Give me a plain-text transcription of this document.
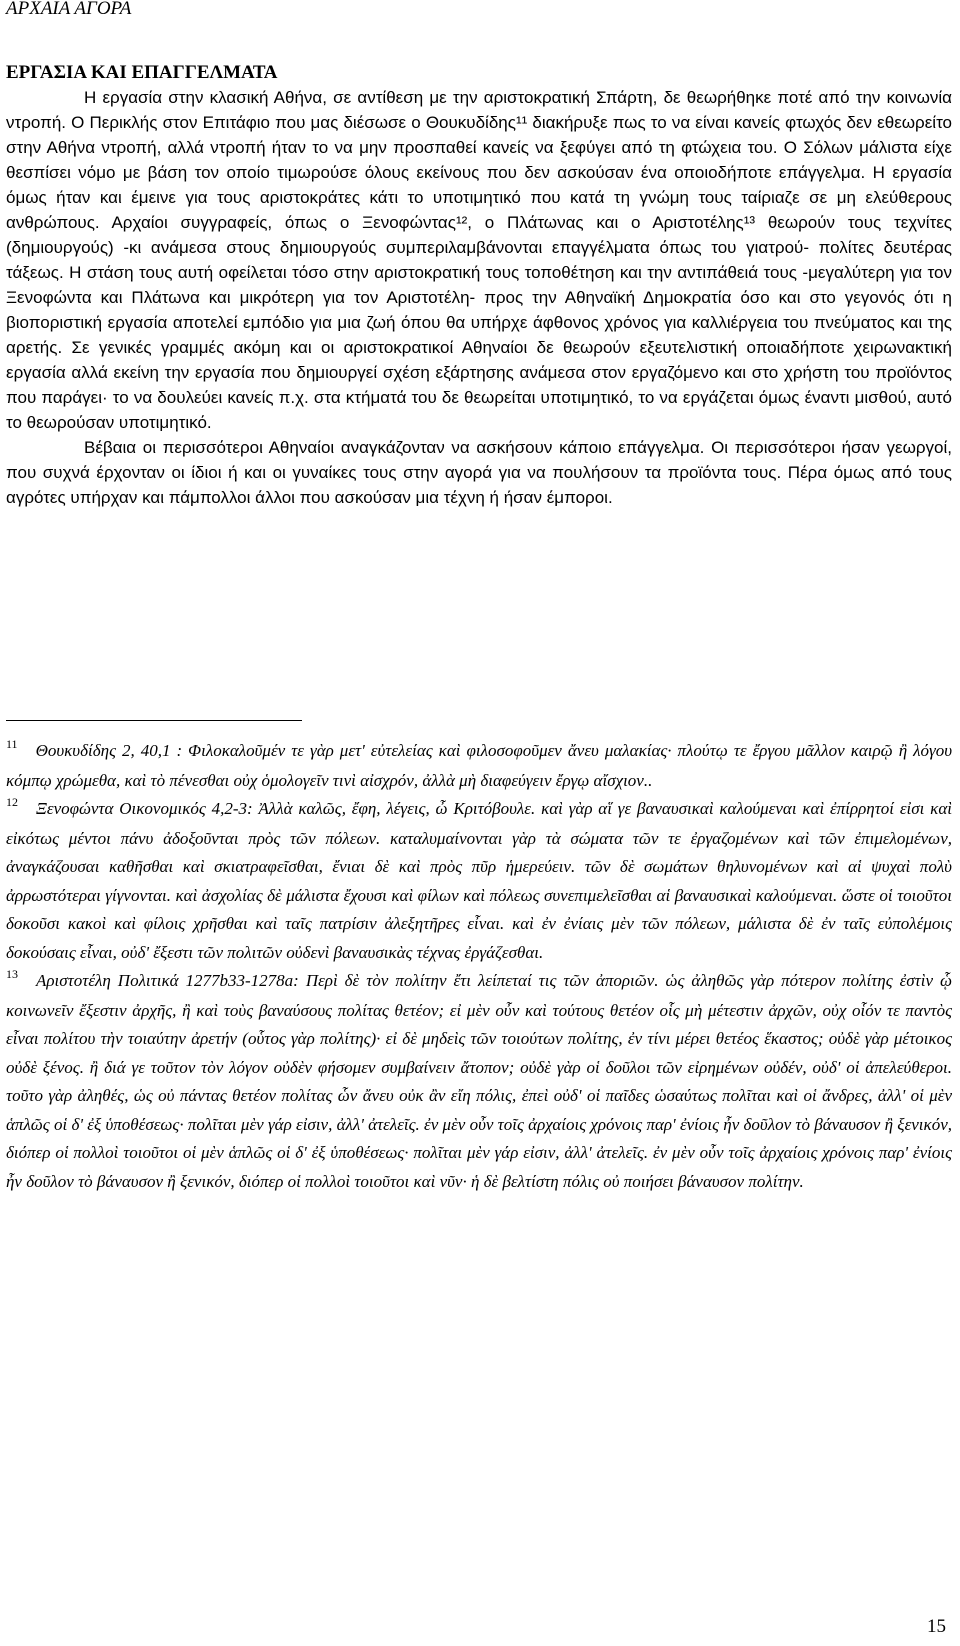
ΑΡΧΑΙΑ ΑΓΟΡΑ
ΕΡΓΑΣΙΑ ΚΑΙ ΕΠΑΓΓΕΛΜΑΤΑ

Η εργασία στην κλασική Αθήνα, σε αντίθεση με την αριστοκρατική Σπάρτη, δε θεωρήθηκε ποτέ από την κοινωνία ντροπή. Ο Περικλής στον Επιτάφιο που μας διέσωσε ο Θουκυδίδης¹¹ διακήρυξε πως το να είναι κανείς φτωχός δεν εθεωρείτο στην Αθήνα ντροπή, αλλά ντροπή ήταν το να μην προσπαθεί κανείς να ξεφύγει από τη φτώχεια του. Ο Σόλων μάλιστα είχε θεσπίσει νόμο με βάση τον οποίο τιμωρούσε όλους εκείνους που δεν ασκούσαν ένα οποιοδήποτε επάγγελμα. Η εργασία όμως ήταν και έμεινε για τους αριστοκράτες κάτι το υποτιμητικό που κατά τη γνώμη τους ταίριαζε σε μη ελεύθερους ανθρώπους. Αρχαίοι συγγραφείς, όπως ο Ξενοφώντας¹², ο Πλάτωνας και ο Αριστοτέλης¹³ θεωρούν τους τεχνίτες (δημιουργούς) -κι ανάμεσα στους δημιουργούς συμπεριλαμβάνονται επαγγέλματα όπως του γιατρού- πολίτες δευτέρας τάξεως. Η στάση τους αυτή οφείλεται τόσο στην αριστοκρατική τους τοποθέτηση και την αντιπάθειά τους -μεγαλύτερη για τον Ξενοφώντα και Πλάτωνα και μικρότερη για τον Αριστοτέλη- προς την Αθηναϊκή Δημοκρατία όσο και στο γεγονός ότι η βιοποριστική εργασία αποτελεί εμπόδιο για μια ζωή όπου θα υπήρχε άφθονος χρόνος για καλλιέργεια του πνεύματος και της αρετής. Σε γενικές γραμμές ακόμη και οι αριστοκρατικοί Αθηναίοι δε θεωρούν εξευτελιστική οποιαδήποτε χειρωνακτική εργασία αλλά εκείνη την εργασία που δημιουργεί σχέση εξάρτησης ανάμεσα στον εργαζόμενο και στο χρήστη του προϊόντος που παράγει· το να δουλεύει κανείς π.χ. στα κτήματά του δε θεωρείται υποτιμητικό, το να εργάζεται όμως έναντι μισθού, αυτό το θεωρούσαν υποτιμητικό.

Βέβαια οι περισσότεροι Αθηναίοι αναγκάζονταν να ασκήσουν κάποιο επάγγελμα. Οι περισσότεροι ήσαν γεωργοί, που συχνά έρχονταν οι ίδιοι ή και οι γυναίκες τους στην αγορά για να πουλήσουν τα προϊόντα τους. Πέρα όμως από τους αγρότες υπήρχαν και πάμπολλοι άλλοι που ασκούσαν μια τέχνη ή ήσαν έμποροι.

$^{11}$ Θουκυδίδης 2, 40,1 : Φιλοκαλοῦμέν τε γὰρ μετ' εὐτελείας καὶ φιλοσοφοῦμεν ἄνευ μαλακίας· πλούτῳ τε ἔργου μᾶλλον καιρῷ ἢ λόγου κόμπῳ χρώμεθα, καὶ τὸ πένεσθαι οὐχ ὁμολογεῖν τινὶ αἰσχρόν, ἀλλὰ μὴ διαφεύγειν ἔργῳ αἴσχιον..

$^{12}$ Ξενοφώντα Οικονομικός 4,2-3: Ἀλλὰ καλῶς, ἔφη, λέγεις, ὦ Κριτόβουλε. καὶ γὰρ αἵ γε βαναυσικαὶ καλούμεναι καὶ ἐπίρρητοί εἰσι καὶ εἰκότως μέντοι πάνυ ἀδοξοῦνται πρὸς τῶν πόλεων. καταλυμαίνονται γὰρ τὰ σώματα τῶν τε ἐργαζομένων καὶ τῶν ἐπιμελομένων, ἀναγκάζουσαι καθῆσθαι καὶ σκιατραφεῖσθαι, ἔνιαι δὲ καὶ πρὸς πῦρ ἡμερεύειν. τῶν δὲ σωμάτων θηλυνομένων καὶ αἱ ψυχαὶ πολὺ ἀρρωστότεραι γίγνονται. καὶ ἀσχολίας δὲ μάλιστα ἔχουσι καὶ φίλων καὶ πόλεως συνεπιμελεῖσθαι αἱ βαναυσικαὶ καλούμεναι. ὥστε οἱ τοιοῦτοι δοκοῦσι κακοὶ καὶ φίλοις χρῆσθαι καὶ ταῖς πατρίσιν ἀλεξητῆρες εἶναι. καὶ ἐν ἐνίαις μὲν τῶν πόλεων, μάλιστα δὲ ἐν ταῖς εὐπολέμοις δοκούσαις εἶναι, οὐδ' ἔξεστι τῶν πολιτῶν οὐδενὶ βαναυσικὰς τέχνας ἐργάζεσθαι.

$^{13}$ Αριστοτέλη Πολιτικά 1277b33-1278a: Περὶ δὲ τὸν πολίτην ἔτι λείπεταί τις τῶν ἀποριῶν. ὡς ἀληθῶς γὰρ πότερον πολίτης ἐστὶν ᾧ κοινωνεῖν ἔξεστιν ἀρχῆς, ἢ καὶ τοὺς βαναύσους πολίτας θετέον; εἰ μὲν οὖν καὶ τούτους θετέον οἷς μὴ μέτεστιν ἀρχῶν, οὐχ οἷόν τε παντὸς εἶναι πολίτου τὴν τοιαύτην ἀρετήν (οὗτος γὰρ πολίτης)· εἰ δὲ μηδεὶς τῶν τοιούτων πολίτης, ἐν τίνι μέρει θετέος ἕκαστος; οὐδὲ γὰρ μέτοικος οὐδὲ ξένος. ἢ διά γε τοῦτον τὸν λόγον οὐδὲν φήσομεν συμβαίνειν ἄτοπον; οὐδὲ γὰρ οἱ δοῦλοι τῶν εἰρημένων οὐδέν, οὐδ' οἱ ἀπελεύθεροι. τοῦτο γὰρ ἀληθές, ὡς οὐ πάντας θετέον πολίτας ὧν ἄνευ οὐκ ἂν εἴη πόλις, ἐπεὶ οὐδ' οἱ παῖδες ὡσαύτως πολῖται καὶ οἱ ἄνδρες, ἀλλ' οἱ μὲν ἁπλῶς οἱ δ' ἐξ ὑποθέσεως· πολῖται μὲν γάρ εἰσιν, ἀλλ' ἀτελεῖς. ἐν μὲν οὖν τοῖς ἀρχαίοις χρόνοις παρ' ἐνίοις ἦν δοῦλον τὸ βάναυσον ἢ ξενικόν, διόπερ οἱ πολλοὶ τοιοῦτοι οἱ μὲν ἁπλῶς οἱ δ' ἐξ ὑποθέσεως· πολῖται μὲν γάρ εἰσιν, ἀλλ' ἀτελεῖς. ἐν μὲν οὖν τοῖς ἀρχαίοις χρόνοις παρ' ἐνίοις ἦν δοῦλον τὸ βάναυσον ἢ ξενικόν, διόπερ οἱ πολλοὶ τοιοῦτοι καὶ νῦν· ἡ δὲ βελτίστη πόλις οὐ ποιήσει βάναυσον πολίτην.

15
